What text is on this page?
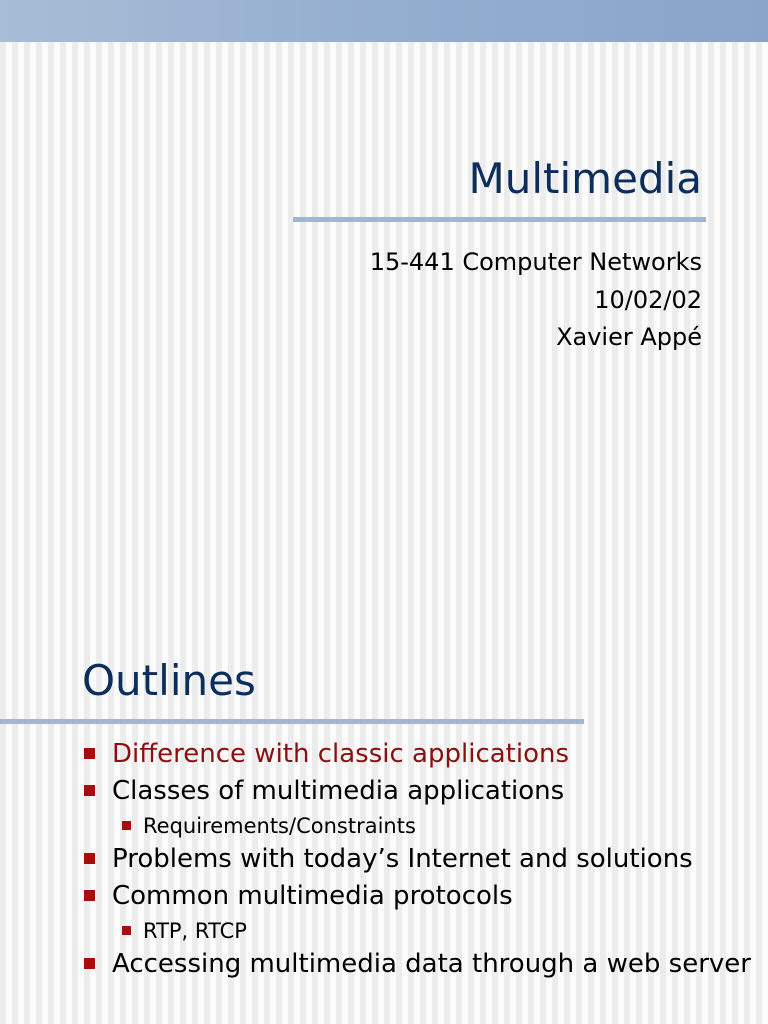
Multimedia
15-441 Computer Networks
10/02/02
Xavier Appé
Outlines
Difference with classic applications
Classes of multimedia applications
Requirements/Constraints
Problems with today’s Internet and solutions
Common multimedia protocols
RTP, RTCP
Accessing multimedia data through a web server
